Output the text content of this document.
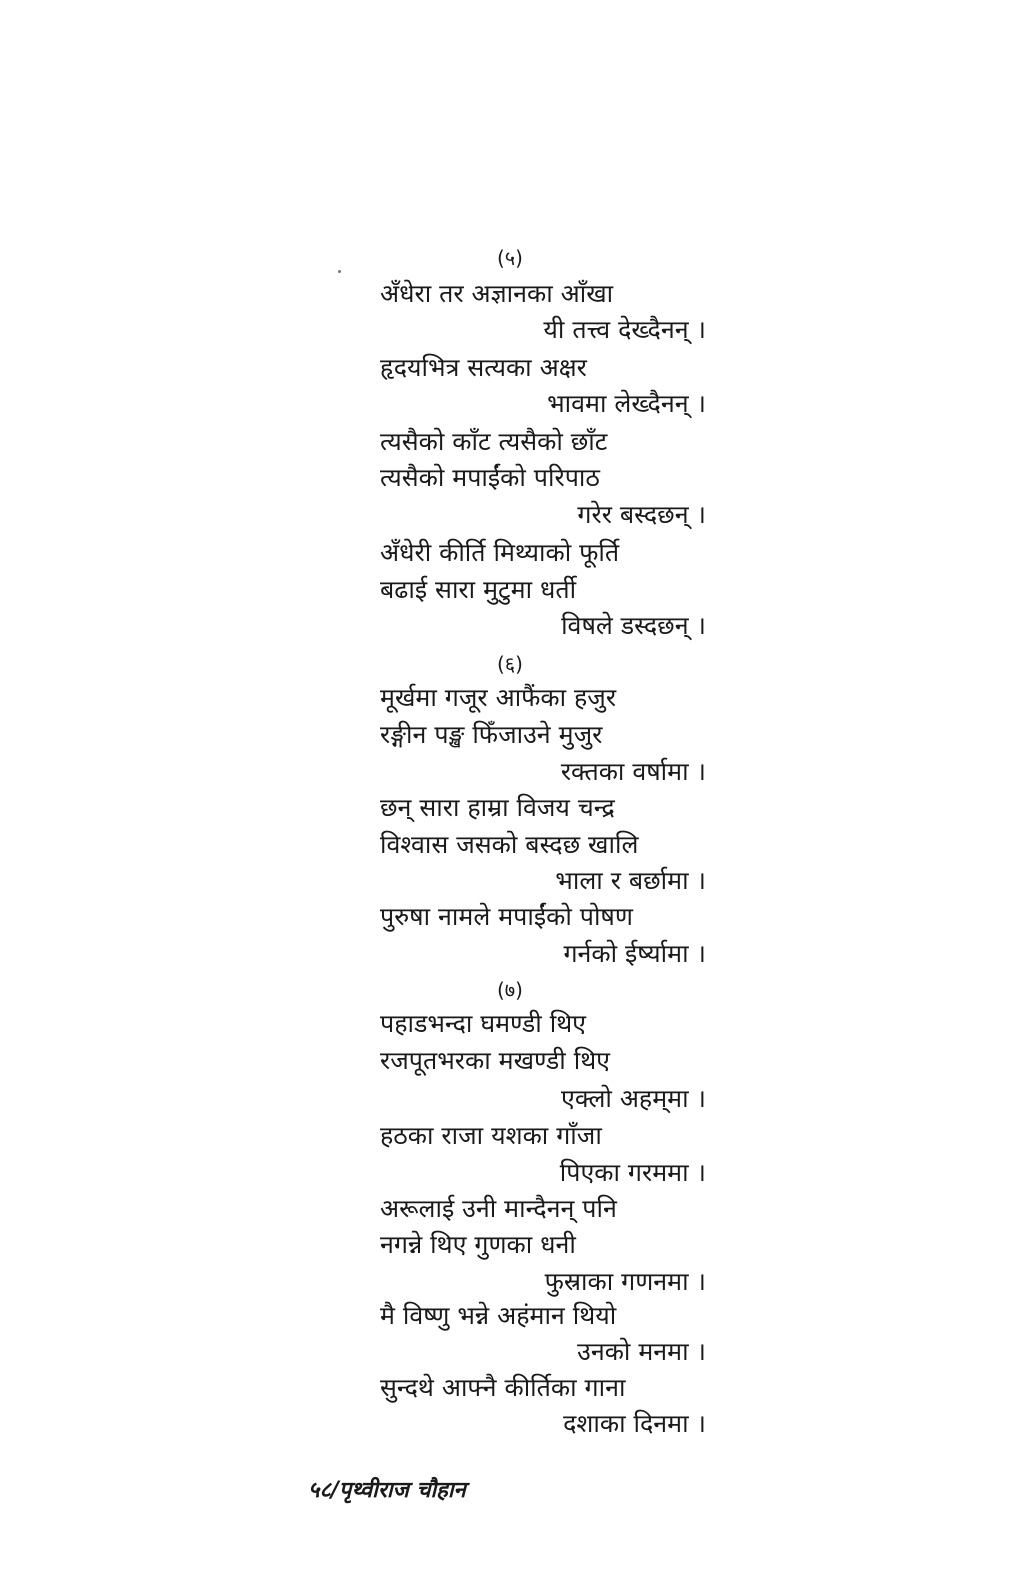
(५)
अँधेरा तर अज्ञानका आँखा
यी तत्त्व देख्दैनन् ।
हृदयभित्र सत्यका अक्षर
भावमा लेख्दैनन् ।
त्यसैको काँट त्यसैको छाँट
त्यसैको मपाईंको परिपाठ
गरेर बस्दछन् ।
अँधेरी कीर्ति मिथ्याको फूर्ति
बढाई सारा मुटुमा धर्ती
विषले डस्दछन् ।
(६)
मूर्खमा गजूर आफैंका हजुर
रङ्गीन पङ्ख फिँजाउने मुजुर
रक्तका वर्षामा ।
छन् सारा हाम्रा विजय चन्द्र
विश्वास जसको बस्दछ खालि
भाला र बर्छामा ।
पुरुषा नामले मपाईंको पोषण
गर्नको ईर्ष्यामा ।
(७)
पहाडभन्दा घमण्डी थिए
रजपूतभरका मखण्डी थिए
एक्लो अहम्‌मा ।
हठका राजा यशका गाँजा
पिएका गरममा ।
अरूलाई उनी मान्दैनन् पनि
नगन्ने थिए गुणका धनी
फुस्राका गणनमा ।
मै विष्णु भन्ने अहंमान थियो
उनको मनमा ।
सुन्दथे आफ्नै कीर्तिका गाना
दशाका दिनमा ।
५८/पृथ्वीराज चौहान
